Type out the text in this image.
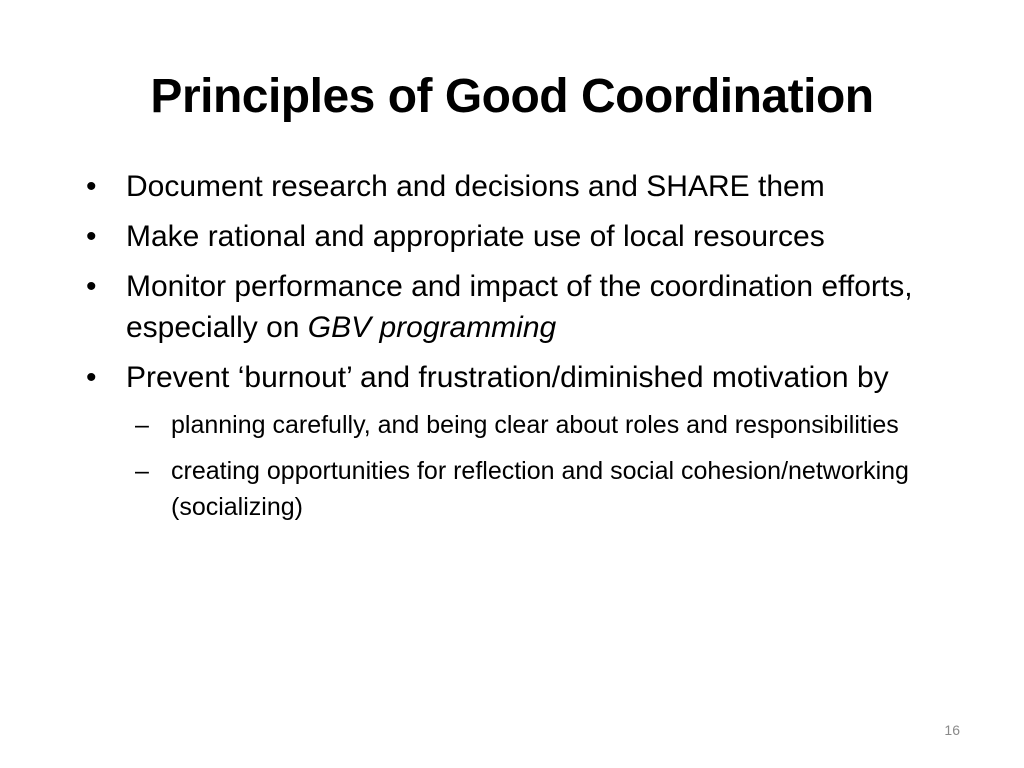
Principles of Good Coordination
• Document research and decisions and SHARE them
• Make rational and appropriate use of local resources
• Monitor performance and impact of the coordination efforts, especially on GBV programming
• Prevent ‘burnout’ and frustration/diminished motivation by
– planning carefully, and being clear about roles and responsibilities
– creating opportunities for reflection and social cohesion/networking (socializing)
16
